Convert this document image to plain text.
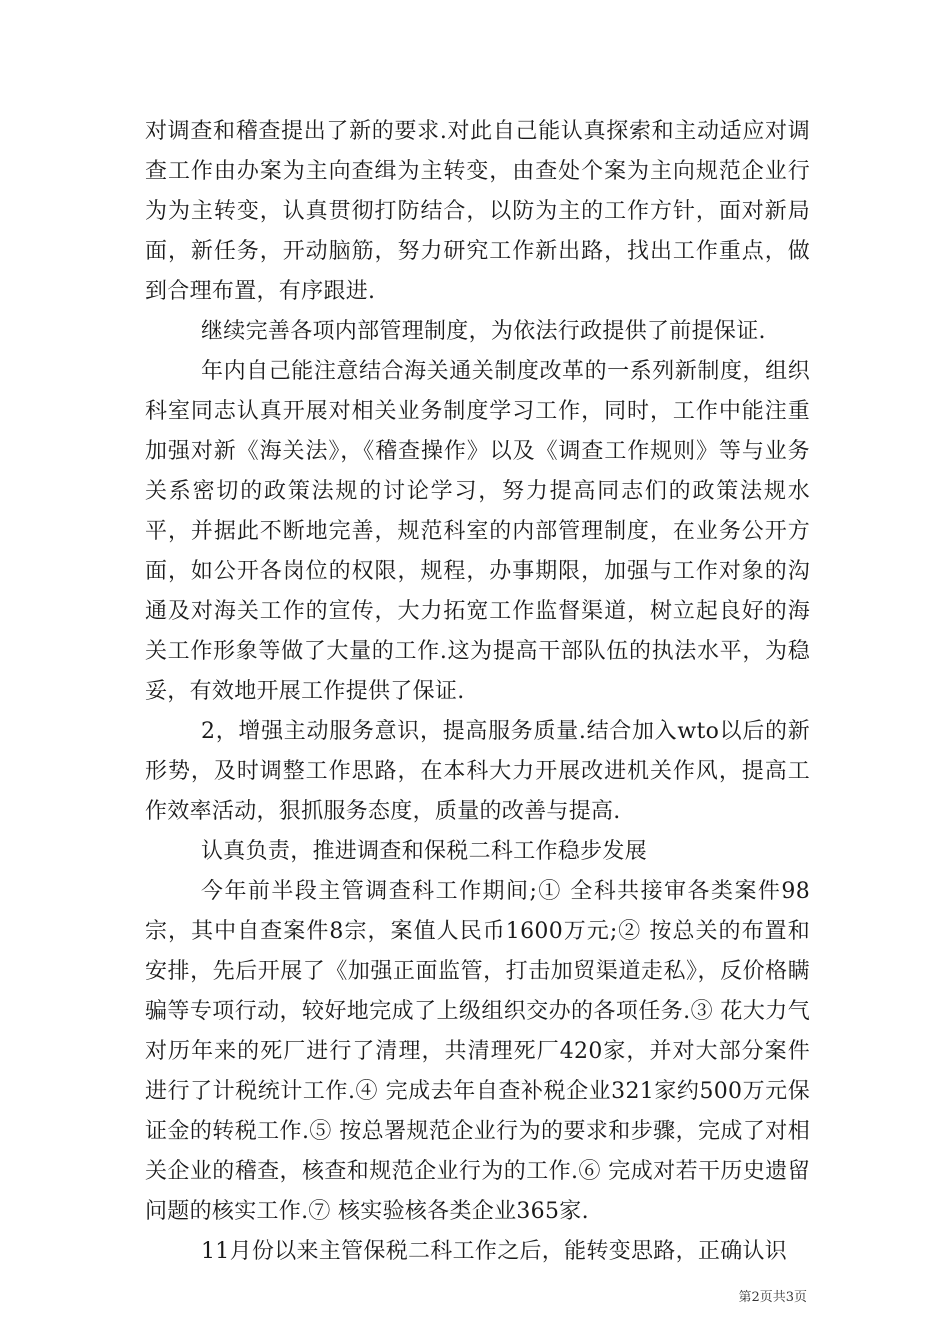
对调查和稽查提出了新的要求.对此自己能认真探索和主动适应对调查工作由办案为主向查缉为主转变，由查处个案为主向规范企业行为为主转变，认真贯彻打防结合，以防为主的工作方针，面对新局面，新任务，开动脑筋，努力研究工作新出路，找出工作重点，做到合理布置，有序跟进.

继续完善各项内部管理制度，为依法行政提供了前提保证.

年内自己能注意结合海关通关制度改革的一系列新制度，组织科室同志认真开展对相关业务制度学习工作，同时，工作中能注重加强对新《海关法》，《稽查操作》以及《调查工作规则》等与业务关系密切的政策法规的讨论学习，努力提高同志们的政策法规水平，并据此不断地完善，规范科室的内部管理制度，在业务公开方面，如公开各岗位的权限，规程，办事期限，加强与工作对象的沟通及对海关工作的宣传，大力拓宽工作监督渠道，树立起良好的海关工作形象等做了大量的工作.这为提高干部队伍的执法水平，为稳妥，有效地开展工作提供了保证.

2，增强主动服务意识，提高服务质量.结合加入wto以后的新形势，及时调整工作思路，在本科大力开展改进机关作风，提高工作效率活动，狠抓服务态度，质量的改善与提高.

认真负责，推进调查和保税二科工作稳步发展

今年前半段主管调查科工作期间;① 全科共接审各类案件98宗，其中自查案件8宗，案值人民币1600万元;② 按总关的布置和安排，先后开展了《加强正面监管，打击加贸渠道走私》，反价格瞒骗等专项行动，较好地完成了上级组织交办的各项任务.③ 花大力气对历年来的死厂进行了清理，共清理死厂420家，并对大部分案件进行了计税统计工作.④ 完成去年自查补税企业321家约500万元保证金的转税工作.⑤ 按总署规范企业行为的要求和步骤，完成了对相关企业的稽查，核查和规范企业行为的工作.⑥ 完成对若干历史遗留问题的核实工作.⑦ 核实验核各类企业365家.

11月份以来主管保税二科工作之后，能转变思路，正确认识

第2页共3页
